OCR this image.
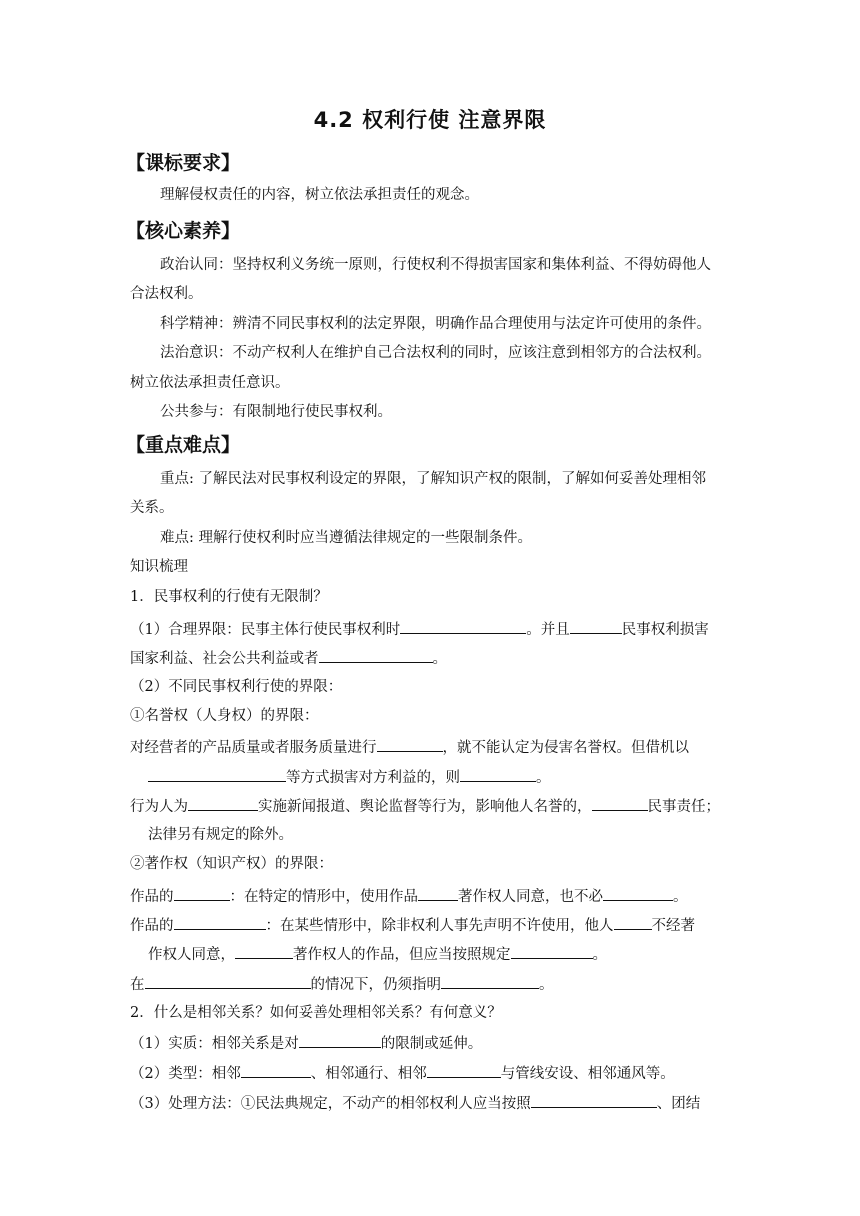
4.2 权利行使 注意界限
【课标要求】
理解侵权责任的内容，树立依法承担责任的观念。
【核心素养】
政治认同：坚持权利义务统一原则，行使权利不得损害国家和集体利益、不得妨碍他人
合法权利。
科学精神：辨清不同民事权利的法定界限，明确作品合理使用与法定许可使用的条件。
法治意识：不动产权利人在维护自己合法权利的同时，应该注意到相邻方的合法权利。
树立依法承担责任意识。
公共参与：有限制地行使民事权利。
【重点难点】
重点: 了解民法对民事权利设定的界限，了解知识产权的限制，了解如何妥善处理相邻
关系。
难点: 理解行使权利时应当遵循法律规定的一些限制条件。
知识梳理
1．民事权利的行使有无限制？
（1）合理界限：民事主体行使民事权利时	。并且	民事权利损害
国家利益、社会公共利益或者	。
（2）不同民事权利行使的界限：
①名誉权（人身权）的界限：
对经营者的产品质量或者服务质量进行	，就不能认定为侵害名誉权。但借机以
等方式损害对方利益的，则	。
行为人为	实施新闻报道、舆论监督等行为，影响他人名誉的，	民事责任；
法律另有规定的除外。
②著作权（知识产权）的界限：
作品的	：在特定的情形中，使用作品	著作权人同意，也不必	。
作品的	：在某些情形中，除非权利人事先声明不许使用，他人	不经著
作权人同意，	著作权人的作品，但应当按照规定	。
在	的情况下，仍须指明	。
2．什么是相邻关系？如何妥善处理相邻关系？有何意义？
（1）实质：相邻关系是对	的限制或延伸。
（2）类型：相邻	、相邻通行、相邻	与管线安设、相邻通风等。
（3）处理方法：①民法典规定，不动产的相邻权利人应当按照	、团结
